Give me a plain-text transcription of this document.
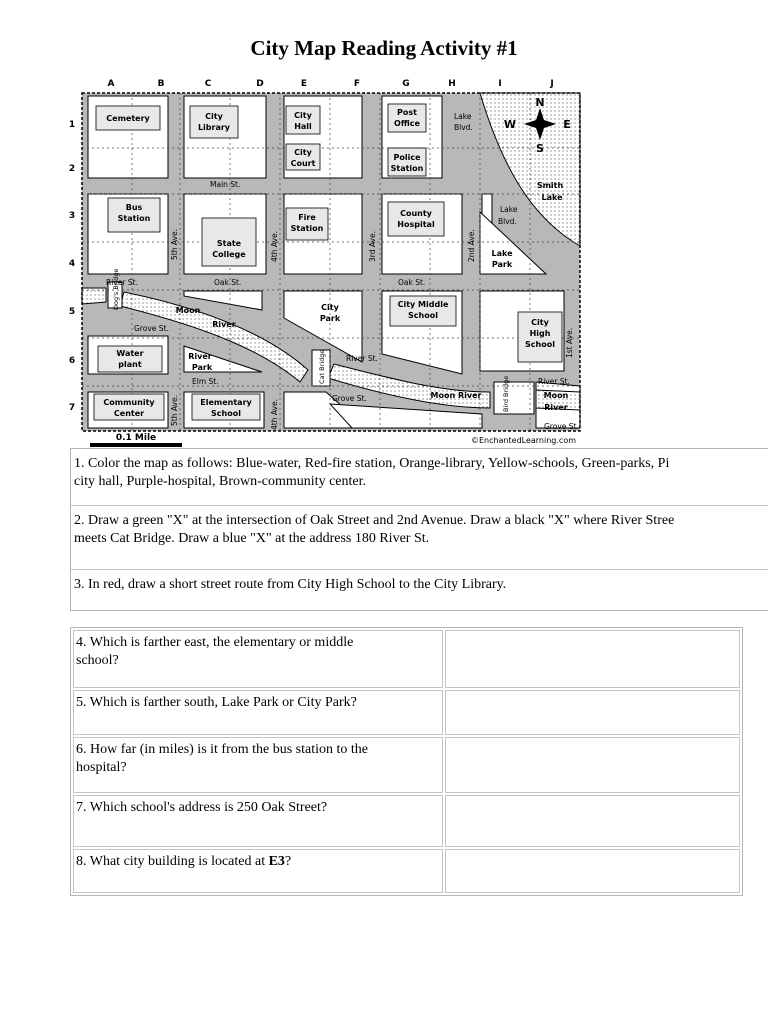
City Map Reading Activity #1
A	B	C	D	E	F	G	H	I	J
1
2
3
4
5
6
7
Cemetery	City
Library
City
Hall
City
Court
Post
Office
Police
Station
Bus
Station
State
College
Fire
Station
County
Hospital
City
Park
City Middle
School
City
High
School
Water
plant
River
Park
Community
Center
Elementary
School
Lake
Park
Smith
Lake
Moon
River
Moon River	Moon
River
Lake
Blvd.
Lake
Blvd.
Main St.
River St.	Oak St.	Oak St.
Grove St.
River St.
Elm St.
Grove St.
River St.
Grove St.
5th Ave.	4th Ave.	3rd Ave.	2nd Ave.
1st Ave.
5th Ave.	4th Ave.
Dog's Bridge
Cat Bridge
Bird Bridge
N
S
E
W
0.1 Mile	©EnchantedLearning.com
1. Color the map as follows: Blue-water, Red-fire station, Orange-library, Yellow-schools, Green-parks, Pi
city hall, Purple-hospital, Brown-community center.
2. Draw a green "X" at the intersection of Oak Street and 2nd Avenue. Draw a black "X" where River Stree
meets Cat Bridge. Draw a blue "X" at the address 180 River St.
3. In red, draw a short street route from City High School to the City Library.
4. Which is farther east, the elementary or middle
school?	

5. Which is farther south, Lake Park or City Park?	

6. How far (in miles) is it from the bus station to the
hospital?	

7. Which school's address is 250 Oak Street?	

8. What city building is located at E3?	
